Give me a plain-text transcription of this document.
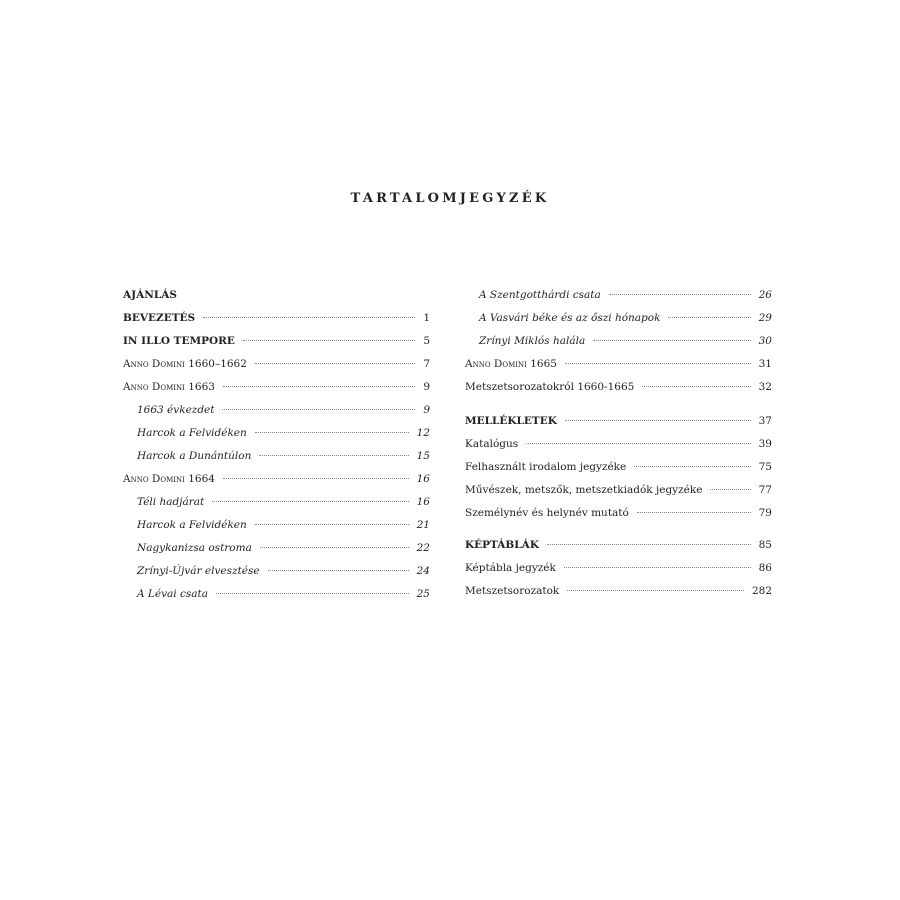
TARTALOMJEGYZÉK
AJÁNLÁS
BEVEZETÉS	1
IN ILLO TEMPORE	5
Anno Domini 1660–1662	7
Anno Domini 1663	9
1663 évkezdet	9
Harcok a Felvidéken	12
Harcok a Dunántúlon	15
Anno Domini 1664	16
Téli hadjárat	16
Harcok a Felvidéken	21
Nagykanizsa ostroma	22
Zrínyi-Újvár elvesztése	24
A Lévai csata	25
A Szentgotthárdi csata	26
A Vasvári béke és az őszi hónapok	29
Zrínyi Miklós halála	30
Anno Domini 1665	31
Metszetsorozatokról 1660-1665	32
MELLÉKLETEK	37
Katalógus	39
Felhasznált irodalom jegyzéke	75
Művészek, metszők, metszetkiadók jegyzéke	77
Személynév és helynév mutató	79
KÉPTÁBLÁK	85
Képtábla jegyzék	86
Metszetsorozatok	282
